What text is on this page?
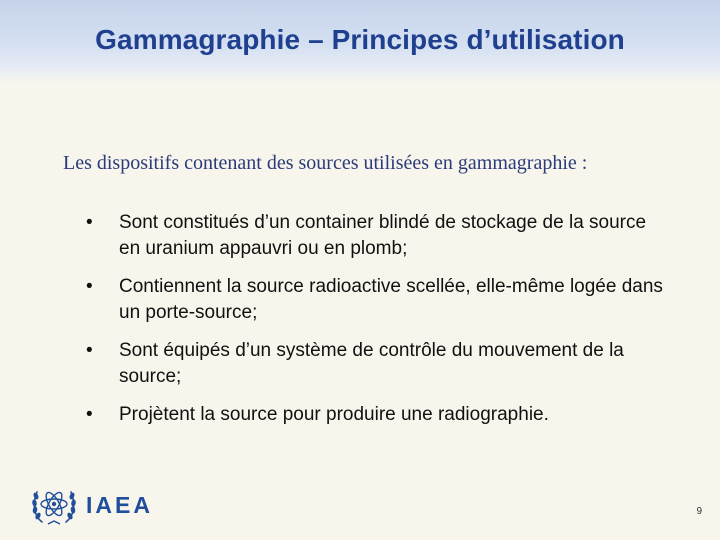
Gammagraphie – Principes d’utilisation
Les dispositifs contenant des sources utilisées en gammagraphie :
• Sont constitués d’un container blindé de stockage de la source en uranium appauvri ou en plomb;
• Contiennent la source radioactive scellée, elle-même logée dans un porte-source;
• Sont équipés d’un système de contrôle du mouvement de la source;
• Projètent la source pour produire une radiographie.
IAEA	9
